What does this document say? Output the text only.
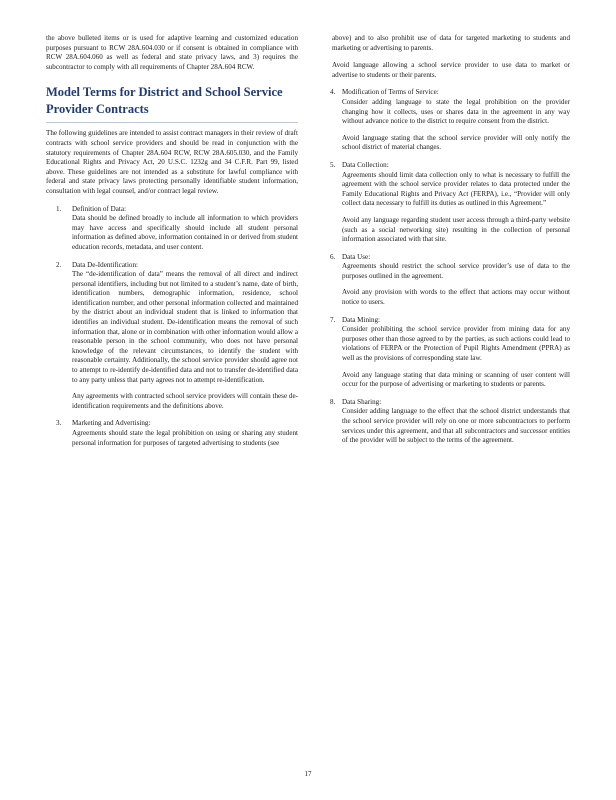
the above bulleted items or is used for adaptive learning and customized education purposes pursuant to RCW 28A.604.030 or if consent is obtained in compliance with RCW 28A.604.060 as well as federal and state privacy laws, and 3) requires the subcontractor to comply with all requirements of Chapter 28A.604 RCW.

Model Terms for District and School Service Provider Contracts

The following guidelines are intended to assist contract managers in their review of draft contracts with school service providers and should be read in conjunction with the statutory requirements of Chapter 28A.604 RCW, RCW 28A.605.030, and the Family Educational Rights and Privacy Act, 20 U.S.C. 1232g and 34 C.F.R. Part 99, listed above. These guidelines are not intended as a substitute for lawful compliance with federal and state privacy laws protecting personally identifiable student information, consultation with legal counsel, and/or contract legal review.

1. Definition of Data:

Data should be defined broadly to include all information to which providers may have access and specifically should include all student personal information as defined above, information contained in or derived from student education records, metadata, and user content.

2. Data De-Identification:

The “de-identification of data” means the removal of all direct and indirect personal identifiers, including but not limited to a student’s name, date of birth, identification numbers, demographic information, residence, school identification number, and other personal information collected and maintained by the district about an individual student that is linked to information that identifies an individual student. De-identification means the removal of such information that, alone or in combination with other information would allow a reasonable person in the school community, who does not have personal knowledge of the relevant circumstances, to identify the student with reasonable certainty. Additionally, the school service provider should agree not to attempt to re-identify de-identified data and not to transfer de-identified data to any party unless that party agrees not to attempt re-identification.

Any agreements with contracted school service providers will contain these de-identification requirements and the definitions above.

3. Marketing and Advertising:

Agreements should state the legal prohibition on using or sharing any student personal information for purposes of targeted advertising to students (see

above) and to also prohibit use of data for targeted marketing to students and marketing or advertising to parents.

Avoid language allowing a school service provider to use data to market or advertise to students or their parents.

4. Modification of Terms of Service:

Consider adding language to state the legal prohibition on the provider changing how it collects, uses or shares data in the agreement in any way without advance notice to the district to require consent from the district.

Avoid language stating that the school service provider will only notify the school district of material changes.

5. Data Collection:

Agreements should limit data collection only to what is necessary to fulfill the agreement with the school service provider relates to data protected under the Family Educational Rights and Privacy Act (FERPA), i.e., “Provider will only collect data necessary to fulfill its duties as outlined in this Agreement.”

Avoid any language regarding student user access through a third-party website (such as a social networking site) resulting in the collection of personal information associated with that site.

6. Data Use:

Agreements should restrict the school service provider’s use of data to the purposes outlined in the agreement.

Avoid any provision with words to the effect that actions may occur without notice to users.

7. Data Mining:

Consider prohibiting the school service provider from mining data for any purposes other than those agreed to by the parties, as such actions could lead to violations of FERPA or the Protection of Pupil Rights Amendment (PPRA) as well as the provisions of corresponding state law.

Avoid any language stating that data mining or scanning of user content will occur for the purpose of advertising or marketing to students or parents.

8. Data Sharing:

Consider adding language to the effect that the school district understands that the school service provider will rely on one or more subcontractors to perform services under this agreement, and that all subcontractors and successor entities of the provider will be subject to the terms of the agreement.

17
